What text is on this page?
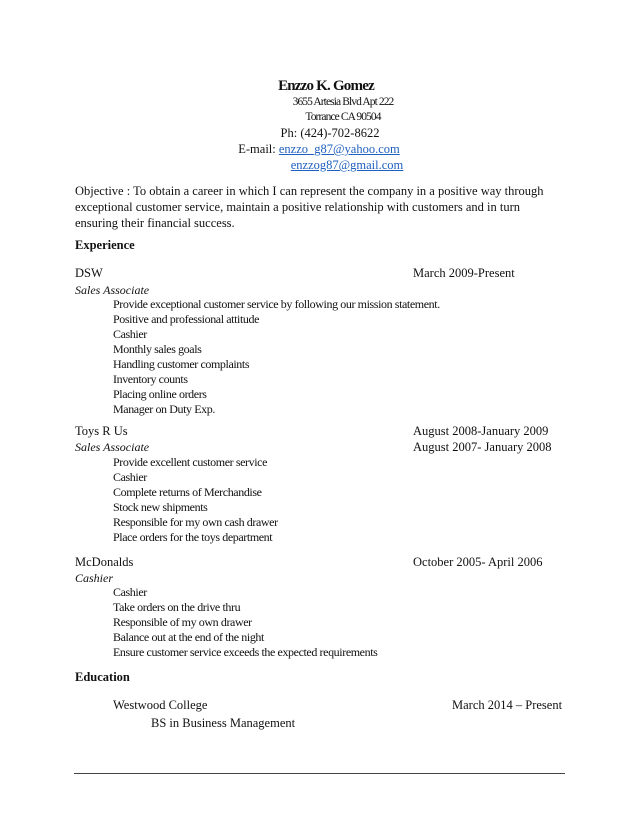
Enzzo K. Gomez
3655 Artesia Blvd Apt 222
Torrance CA 90504
Ph: (424)-702-8622
E-mail: enzzo_g87@yahoo.com
enzzog87@gmail.com
Objective : To obtain a career in which I can represent the company in a positive way through exceptional customer service, maintain a positive relationship with customers and in turn ensuring their financial success.
Experience
DSW	March 2009-Present
Sales Associate
Provide exceptional customer service by following our mission statement.
Positive and professional attitude
Cashier
Monthly sales goals
Handling customer complaints
Inventory counts
Placing online orders
Manager on Duty Exp.
Toys R Us	August 2008-January 2009
Sales Associate	August 2007- January 2008
Provide excellent customer service
Cashier
Complete returns of Merchandise
Stock new shipments
Responsible for my own cash drawer
Place orders for the toys department
McDonalds	October 2005- April 2006
Cashier
Cashier
Take orders on the drive thru
Responsible of my own drawer
Balance out at the end of the night
Ensure customer service exceeds the expected requirements
Education
Westwood College	March 2014 – Present
BS in Business Management
